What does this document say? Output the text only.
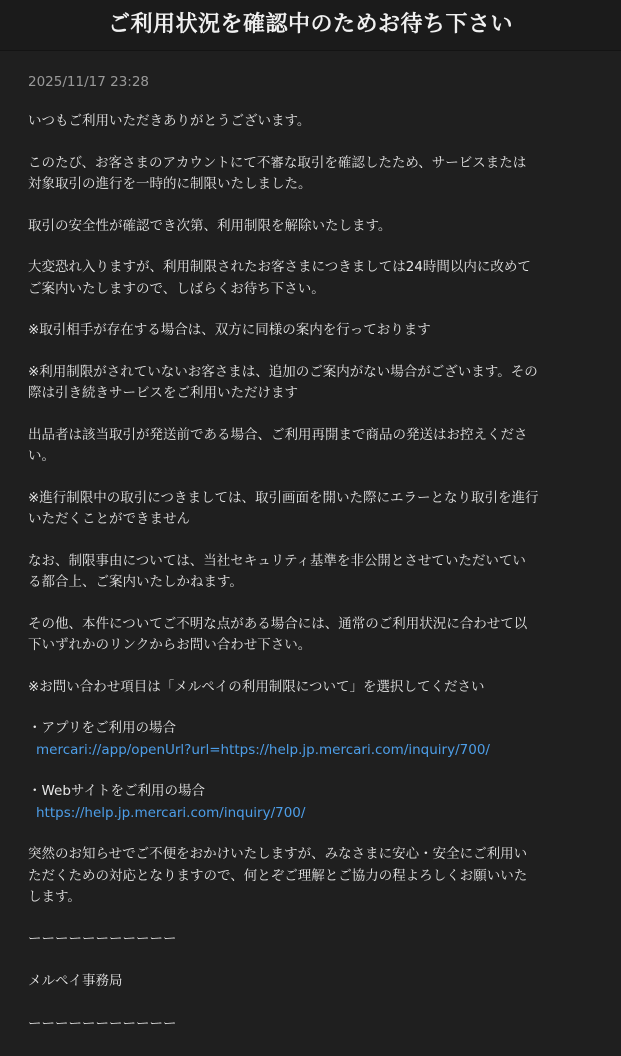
ご利用状況を確認中のためお待ち下さい
2025/11/17 23:28

いつもご利用いただきありがとうございます。

このたび、お客さまのアカウントにて不審な取引を確認したため、サービスまたは
対象取引の進行を一時的に制限いたしました。

取引の安全性が確認でき次第、利用制限を解除いたします。

大変恐れ入りますが、利用制限されたお客さまにつきましては24時間以内に改めて
ご案内いたしますので、しばらくお待ち下さい。

※取引相手が存在する場合は、双方に同様の案内を行っております

※利用制限がされていないお客さまは、追加のご案内がない場合がございます。その
際は引き続きサービスをご利用いただけます

出品者は該当取引が発送前である場合、ご利用再開まで商品の発送はお控えくださ
い。

※進行制限中の取引につきましては、取引画面を開いた際にエラーとなり取引を進行
いただくことができません

なお、制限事由については、当社セキュリティ基準を非公開とさせていただいてい
る都合上、ご案内いたしかねます。

その他、本件についてご不明な点がある場合には、通常のご利用状況に合わせて以
下いずれかのリンクからお問い合わせ下さい。

※お問い合わせ項目は「メルペイの利用制限について」を選択してください

・アプリをご利用の場合
mercari://app/openUrl?url=https://help.jp.mercari.com/inquiry/700/
・Webサイトをご利用の場合
https://help.jp.mercari.com/inquiry/700/

突然のお知らせでご不便をおかけいたしますが、みなさまに安心・安全にご利用い
ただくための対応となりますので、何とぞご理解とご協力の程よろしくお願いいた
します。

ーーーーーーーーーーー
メルペイ事務局
ーーーーーーーーーーー
